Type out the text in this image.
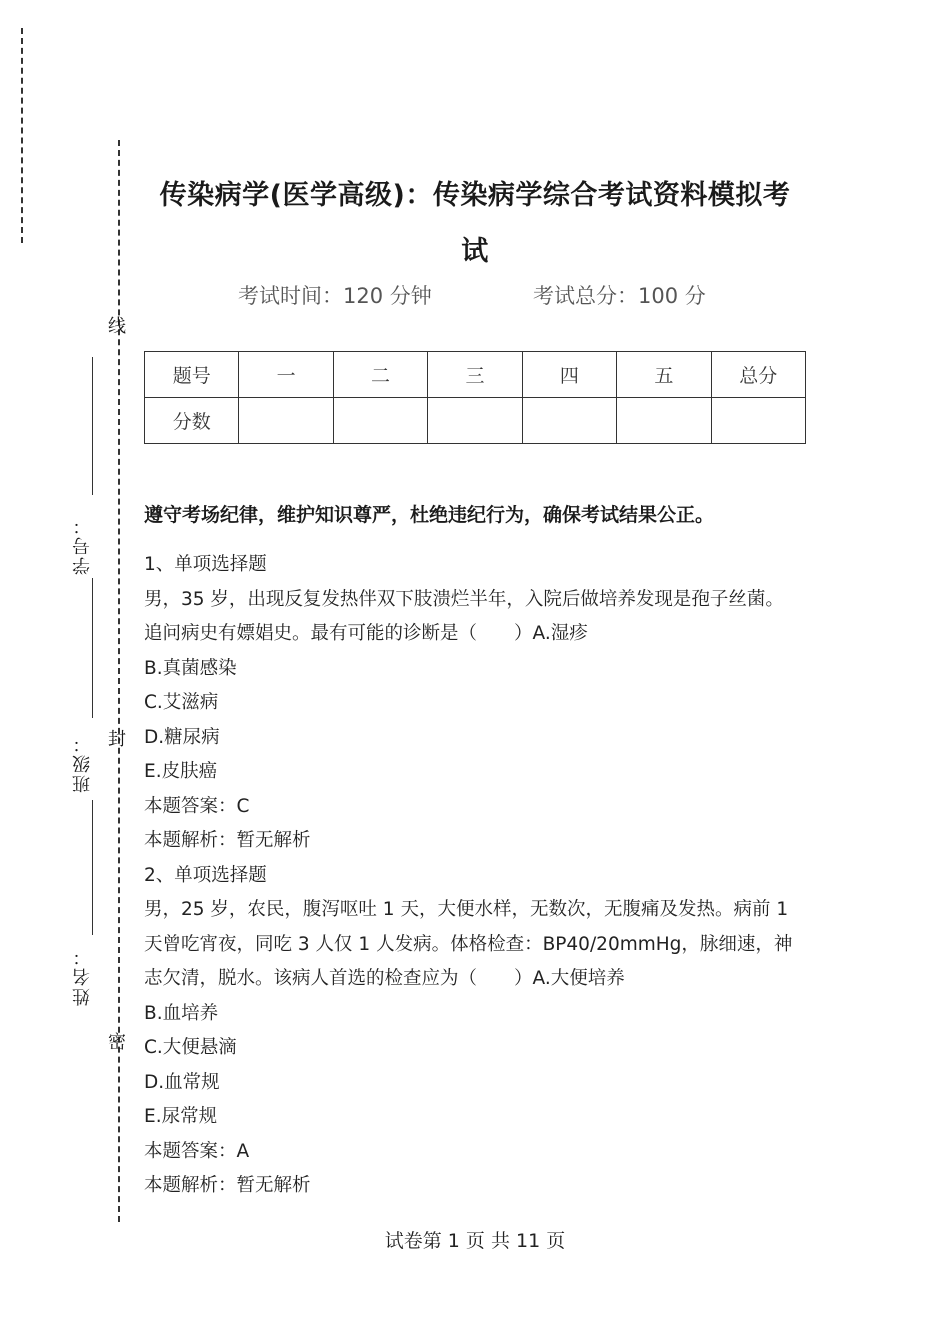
线
封
密
学号：
班级：
姓名：
传染病学(医学高级)：传染病学综合考试资料模拟考
试
考试时间：120 分钟	考试总分：100 分
题号	一	二	三	四	五	总分
分数						
遵守考场纪律，维护知识尊严，杜绝违纪行为，确保考试结果公正。

1、单项选择题

男，35 岁，出现反复发热伴双下肢溃烂半年，入院后做培养发现是孢子丝菌。

追问病史有嫖娼史。最有可能的诊断是（　　）A.湿疹

B.真菌感染

C.艾滋病

D.糖尿病

E.皮肤癌

本题答案：C

本题解析：暂无解析

2、单项选择题

男，25 岁，农民，腹泻呕吐 1 天，大便水样，无数次，无腹痛及发热。病前 1

天曾吃宵夜，同吃 3 人仅 1 人发病。体格检查：BP40/20mmHg，脉细速，神

志欠清，脱水。该病人首选的检查应为（　　）A.大便培养

B.血培养

C.大便悬滴

D.血常规

E.尿常规

本题答案：A

本题解析：暂无解析

试卷第 1 页 共 11 页
